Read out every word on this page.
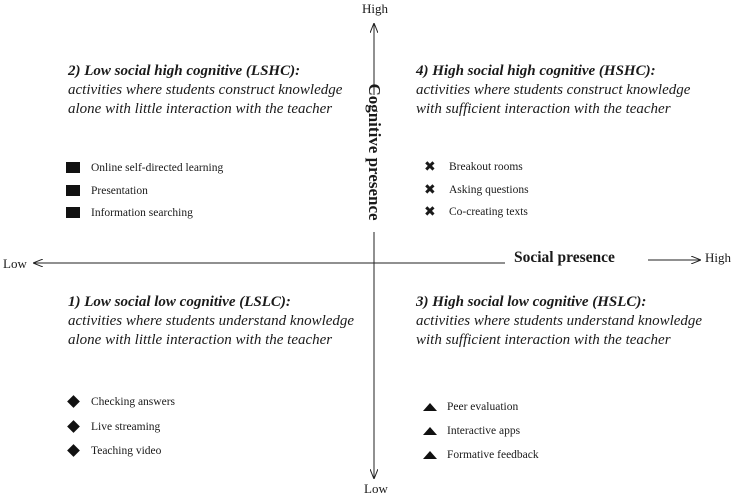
High
Low
Low	High
Social presence
Cognitive presence
2) Low social high cognitive (LSHC):
activities where students construct knowledge alone with little interaction with the teacher
Online self-directed learning
Presentation
Information searching
4) High social high cognitive (HSHC):
activities where students construct knowledge with sufficient interaction with the teacher
✖	Breakout rooms
✖	Asking questions
✖	Co-creating texts
1) Low social low cognitive (LSLC):
activities where students understand knowledge alone with little interaction with the teacher
Checking answers
Live streaming
Teaching video
3) High social low cognitive (HSLC):
activities where students understand knowledge with sufficient interaction with the teacher
Peer evaluation
Interactive apps
Formative feedback
